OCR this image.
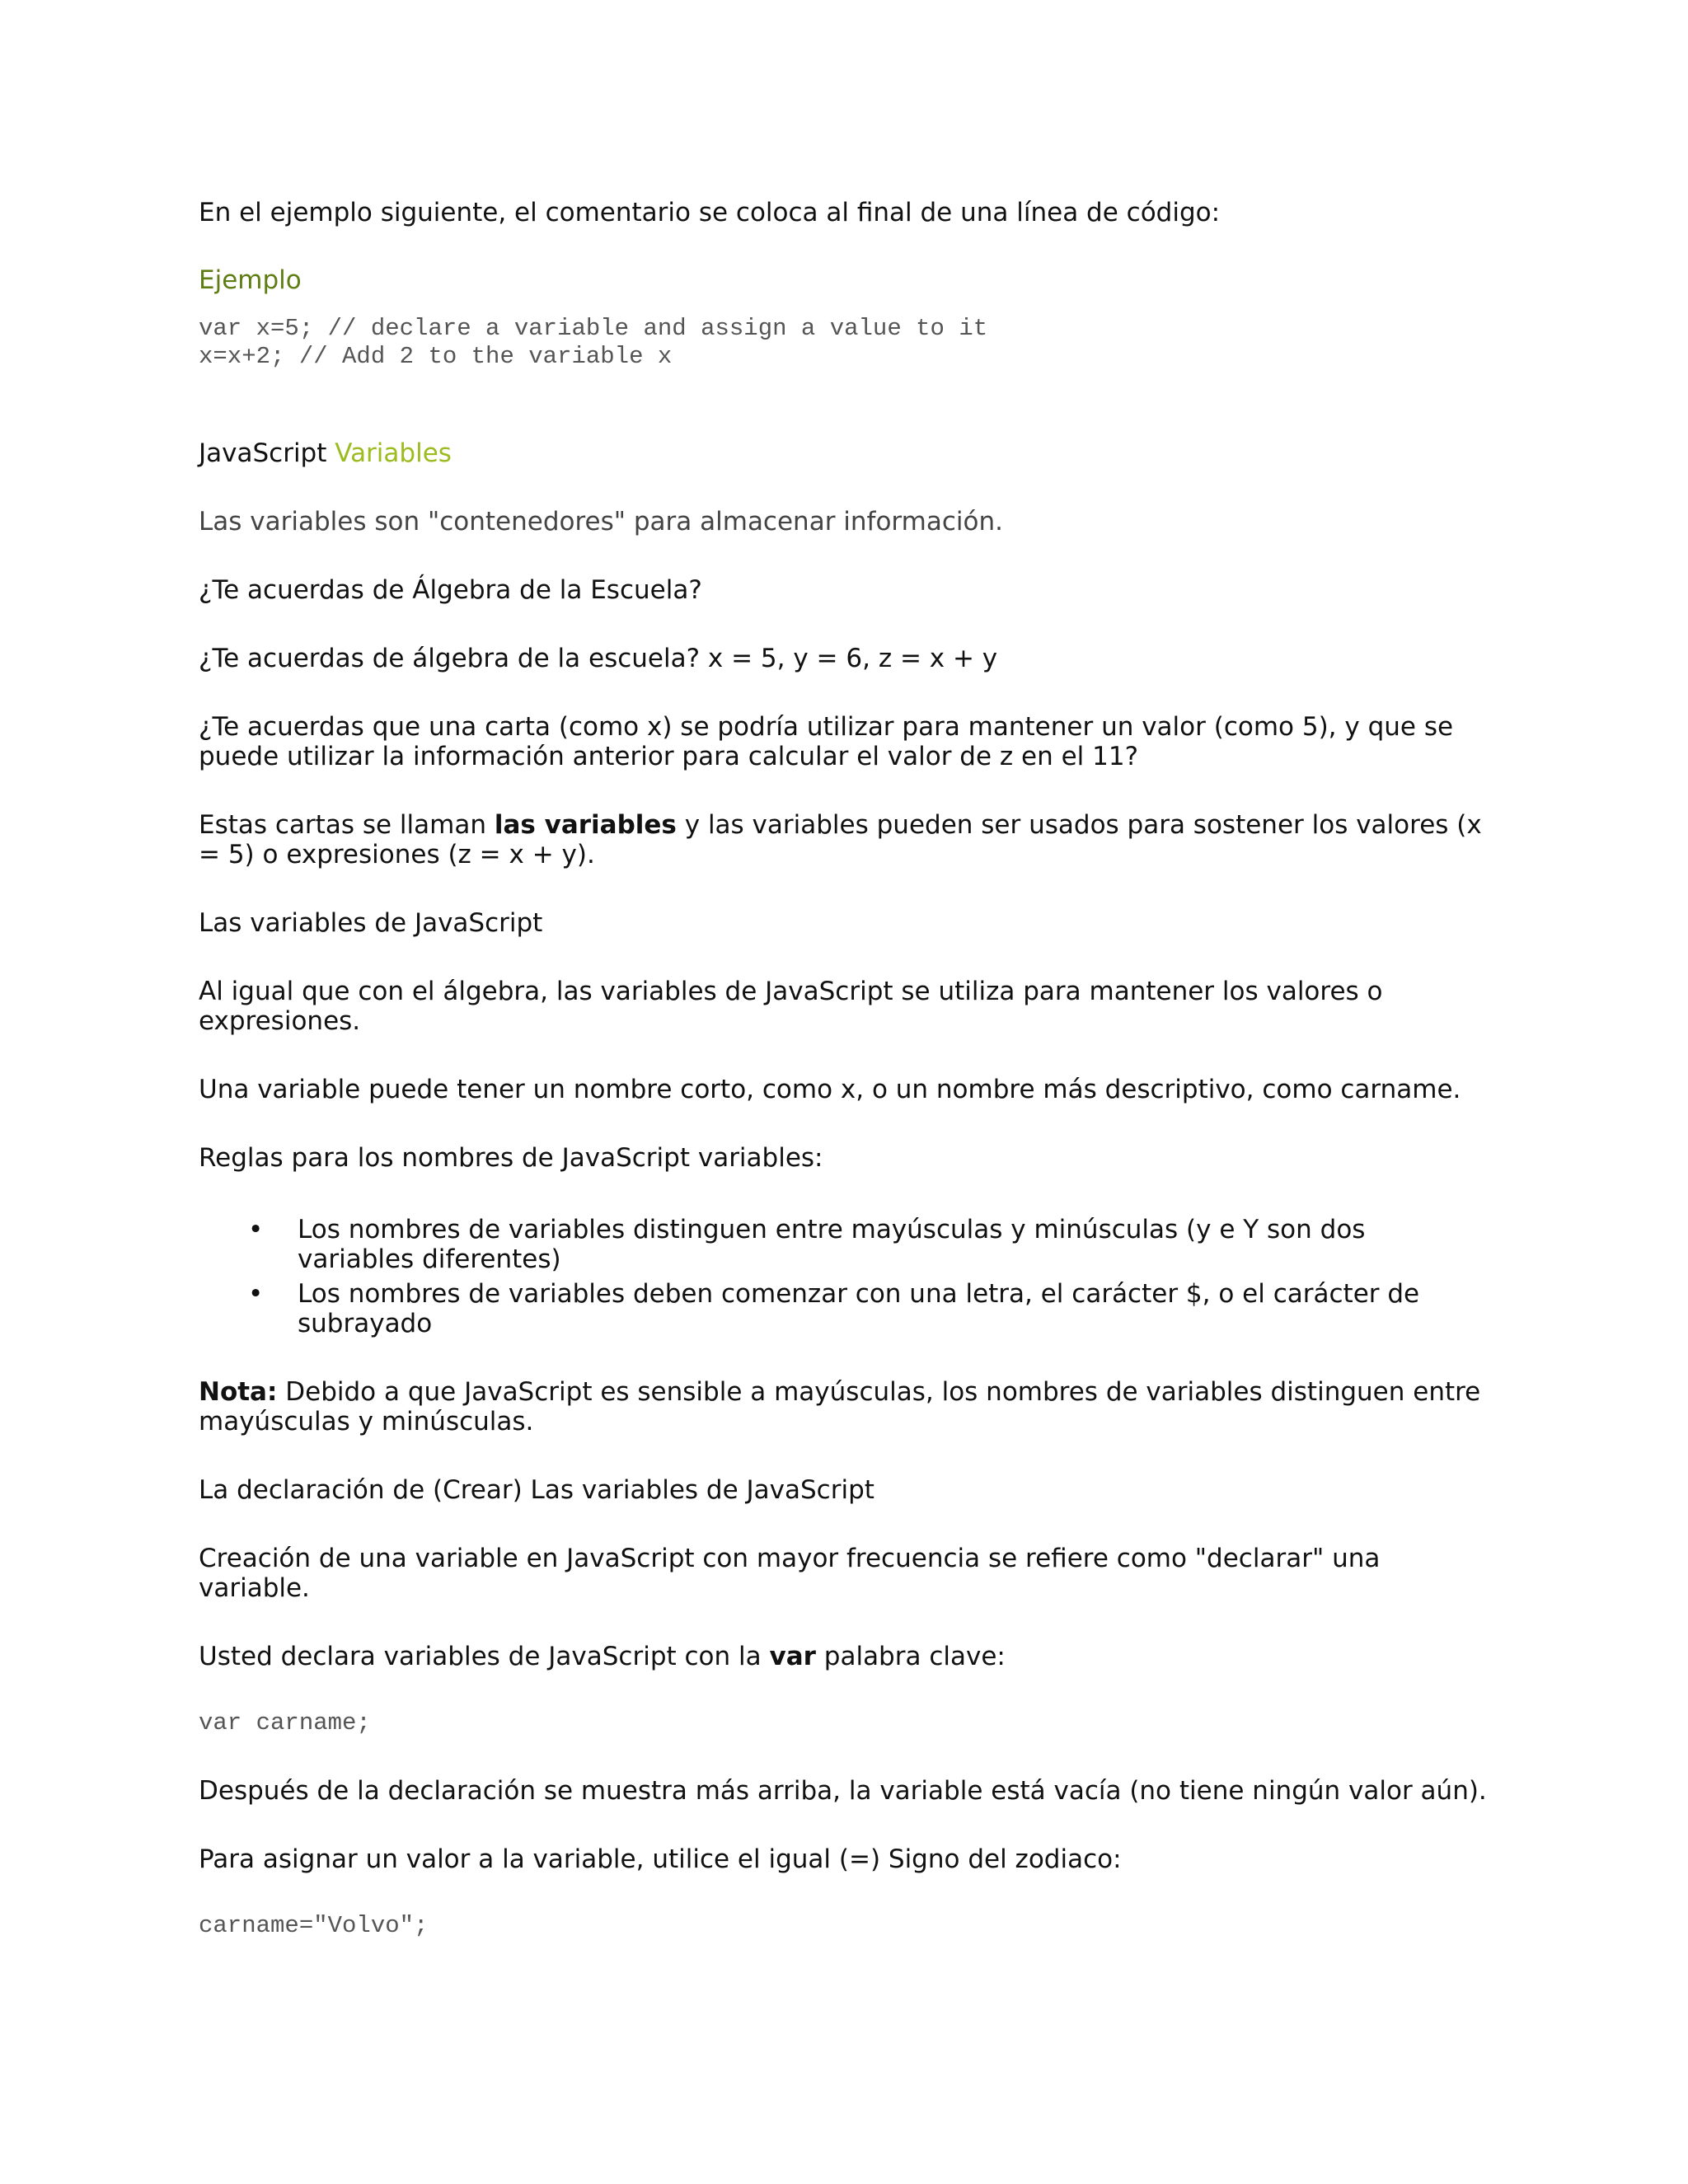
En el ejemplo siguiente, el comentario se coloca al final de una línea de código:

Ejemplo

var x=5; // declare a variable and assign a value to it

x=x+2; // Add 2 to the variable x

JavaScript Variables

Las variables son "contenedores" para almacenar información.

¿Te acuerdas de Álgebra de la Escuela?

¿Te acuerdas de álgebra de la escuela? x = 5, y = 6, z = x + y

¿Te acuerdas que una carta (como x) se podría utilizar para mantener un valor (como 5), y que se puede utilizar la información anterior para calcular el valor de z en el 11?

Estas cartas se llaman las variables y las variables pueden ser usados para sostener los valores (x = 5) o expresiones (z = x + y).

Las variables de JavaScript

Al igual que con el álgebra, las variables de JavaScript se utiliza para mantener los valores o expresiones.

Una variable puede tener un nombre corto, como x, o un nombre más descriptivo, como carname.

Reglas para los nombres de JavaScript variables:

• Los nombres de variables distinguen entre mayúsculas y minúsculas (y e Y son dos variables diferentes)
• Los nombres de variables deben comenzar con una letra, el carácter $, o el carácter de subrayado

Nota: Debido a que JavaScript es sensible a mayúsculas, los nombres de variables distinguen entre mayúsculas y minúsculas.

La declaración de (Crear) Las variables de JavaScript

Creación de una variable en JavaScript con mayor frecuencia se refiere como "declarar" una variable.

Usted declara variables de JavaScript con la var palabra clave:

var carname;

Después de la declaración se muestra más arriba, la variable está vacía (no tiene ningún valor aún).

Para asignar un valor a la variable, utilice el igual (=) Signo del zodiaco:

carname="Volvo";
